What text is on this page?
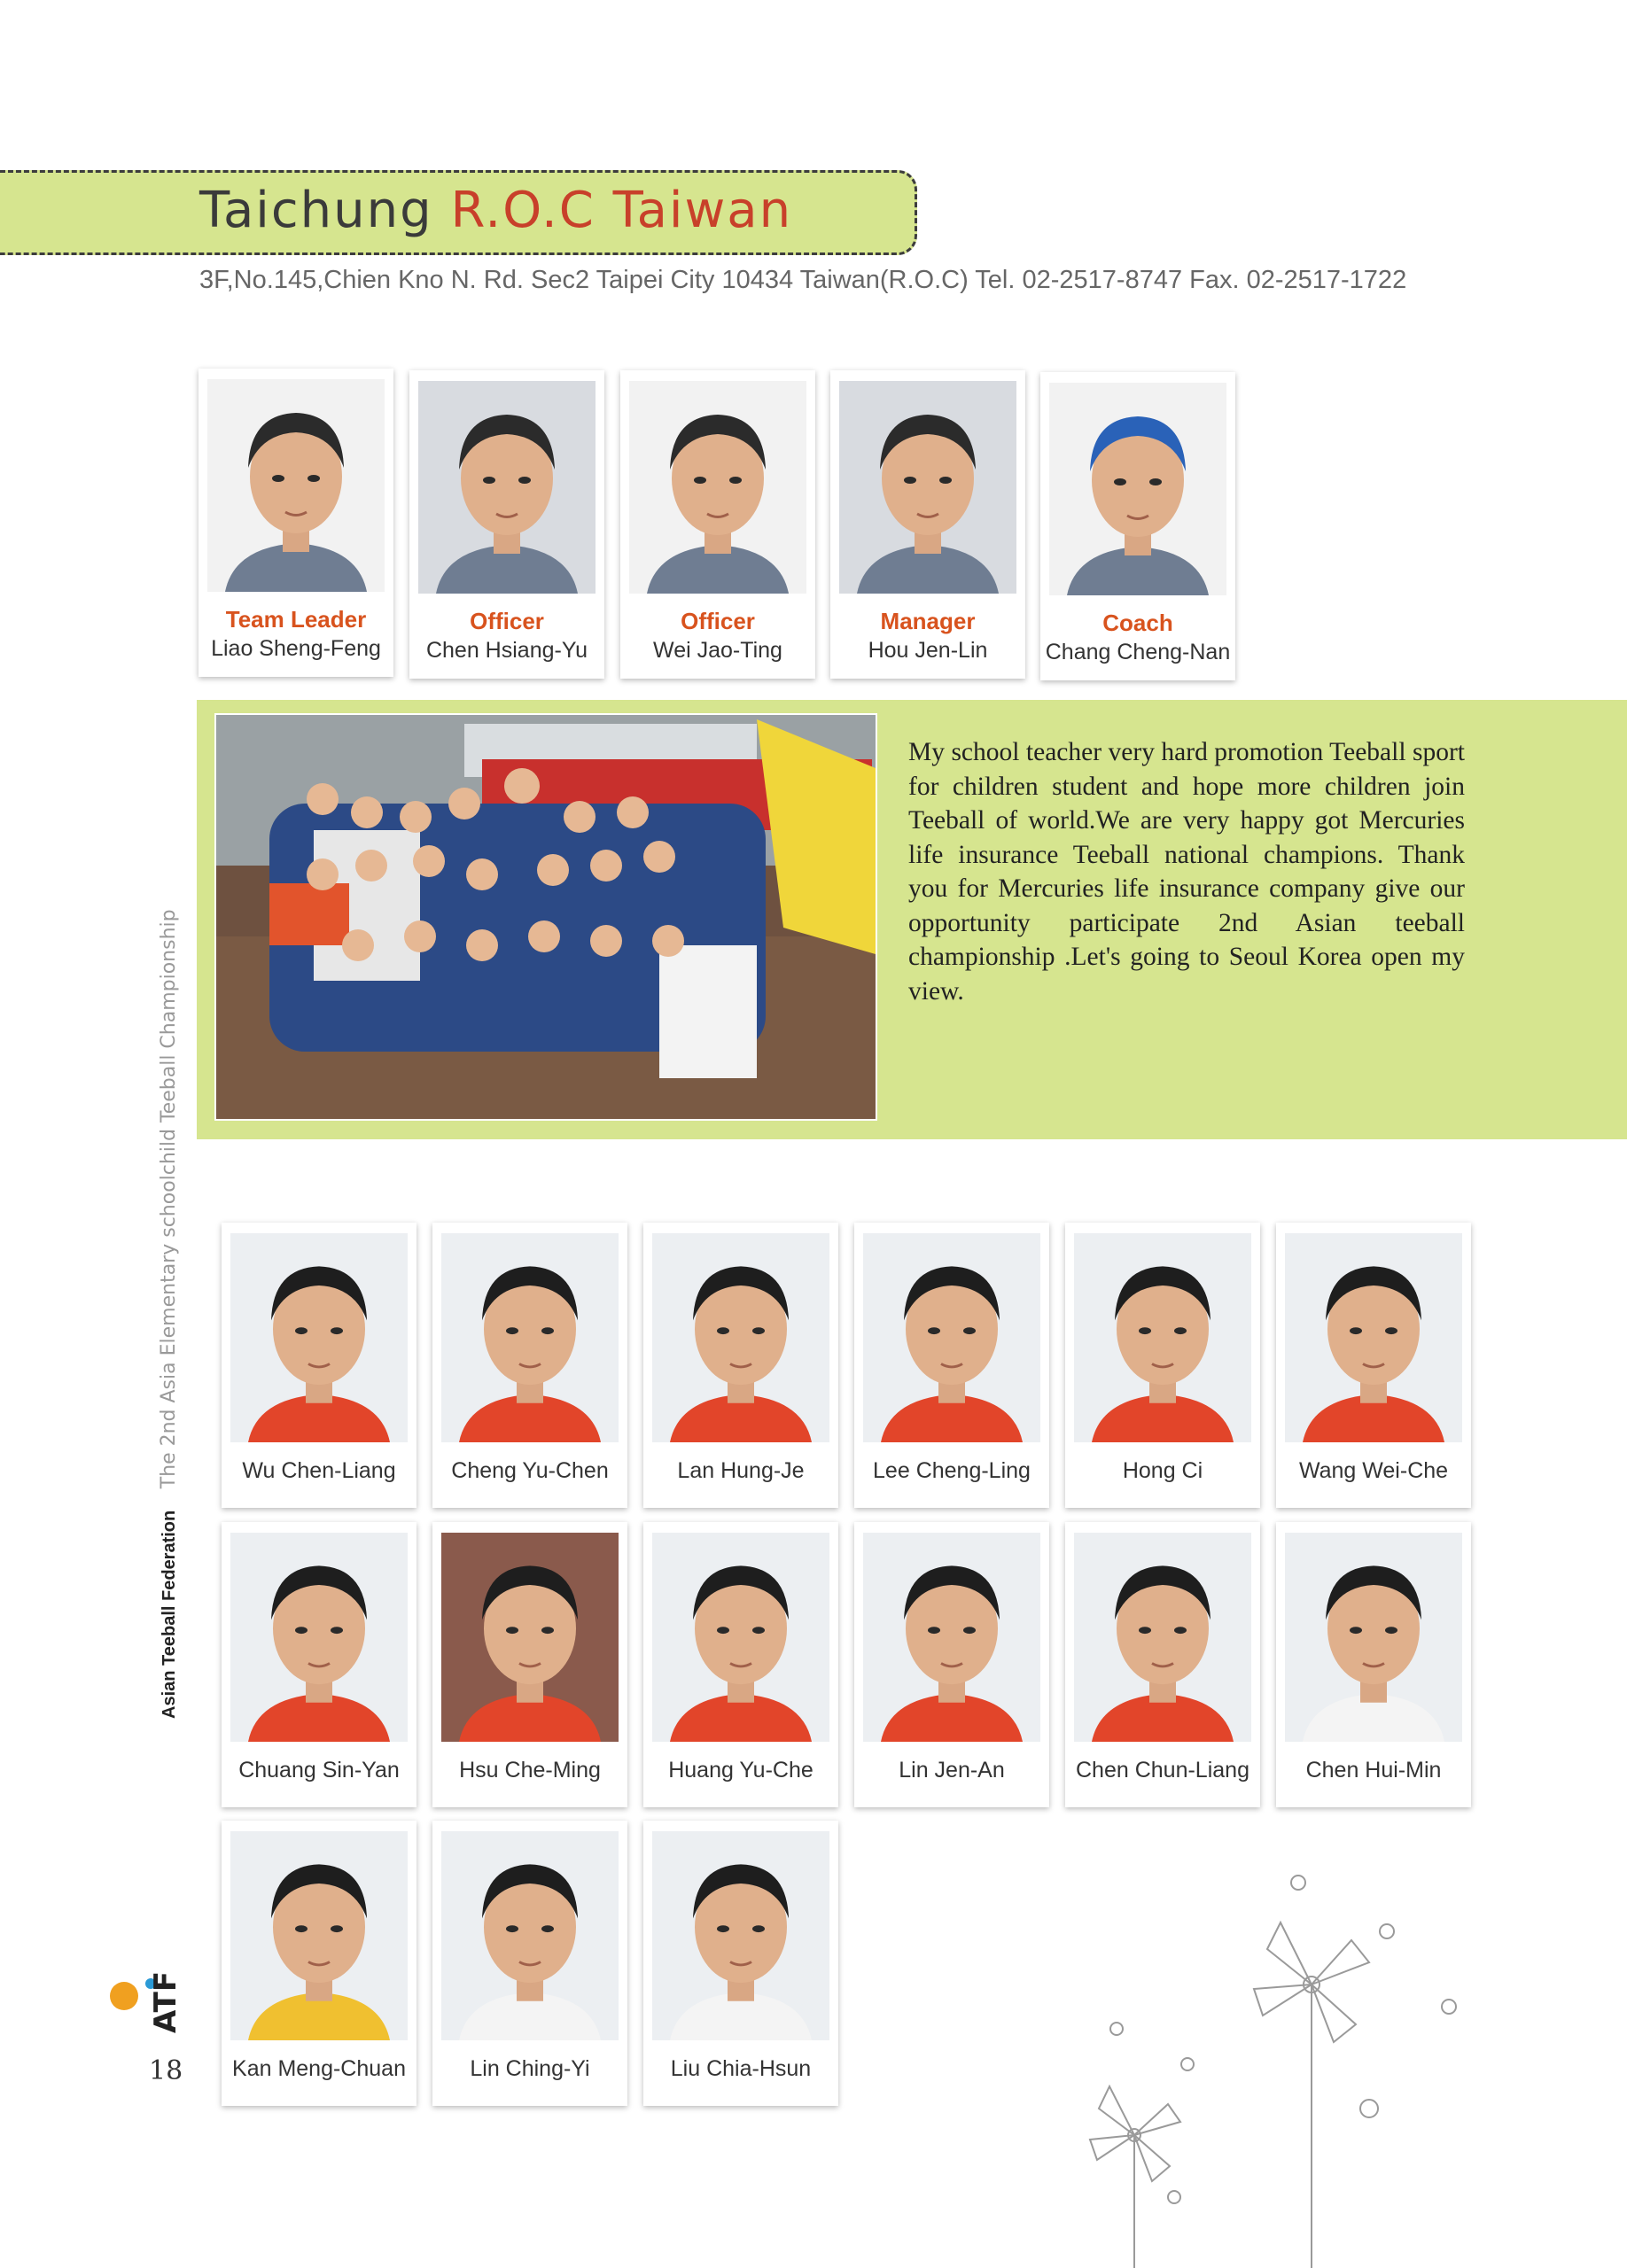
Taichung R.O.C Taiwan
3F,No.145,Chien Kno N. Rd. Sec2 Taipei City 10434 Taiwan(R.O.C) Tel. 02-2517-8747 Fax. 02-2517-1722
Team Leader
Liao Sheng-Feng
Officer
Chen Hsiang-Yu
Officer
Wei Jao-Ting
Manager
Hou Jen-Lin
Coach
Chang Cheng-Nan
My school teacher very hard promotion Teeball sport for children student and hope more children join Teeball of world.We are very happy got Mercuries life insurance Teeball national champions. Thank you for Mercuries life insurance company give our opportunity participate 2nd Asian teeball championship .Let's going to Seoul Korea open my view.
Wu Chen-Liang	Cheng Yu-Chen	Lan Hung-Je	Lee Cheng-Ling	Hong Ci	Wang Wei-Che
Chuang Sin-Yan	Hsu Che-Ming	Huang Yu-Che	Lin Jen-An	Chen Chun-Liang	Chen Hui-Min
Kan Meng-Chuan	Lin Ching-Yi	Liu Chia-Hsun
Asian Teeball Federation The 2nd Asia Elementary schoolchild Teeball Championship
ATF
18
